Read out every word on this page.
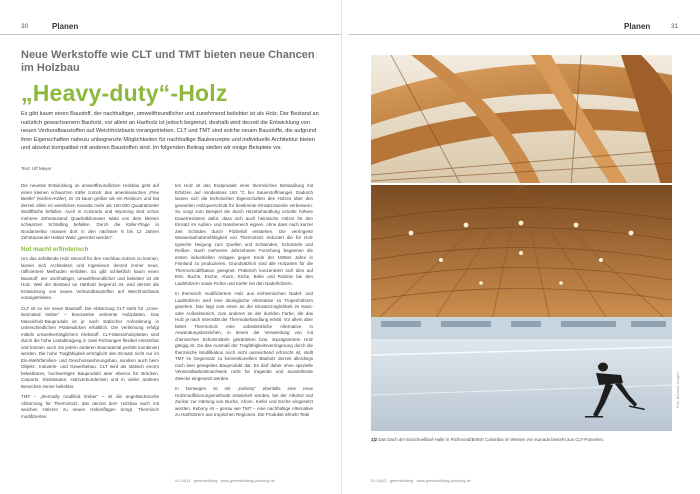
30	Planen
Neue Werkstoffe wie CLT und TMT bieten neue Chancen im Holzbau
„Heavy-duty“-Holz
Es gibt kaum einen Baustoff, der nachhaltiger, umweltfreundlicher und zunehmend beliebter ist als Holz. Der Bestand an natürlich gewachsenem Bauholz, vor allem an Hartholz ist jedoch begrenzt, deshalb wird derzeit die Entwicklung von neuen Verbundbaustoffen auf Weichholzbasis vorangetrieben. CLT und TMT sind solche neuen Baustoffe, die aufgrund ihrer Eigenschaften nahezu unbegrenzte Möglichkeiten für nachhaltige Baukonzepte und individuelle Architektur bieten und absolut kompatibel mit anderen Baustoffen sind. Im folgenden Beitrag stellen wir einige Beispiele vor.
Text: Ulf Meyer

Die neueste Entwicklung im umweltfreundlichen Holzbau geht auf einen kleinen schwarzen Käfer zurück: den amerikanischen „Pine Beetle“ (Kiefern-Käfer). Er ist kaum größer als ein Reiskorn und hat derzeit allein im westlichen Kanada mehr als 160.000 Quadratmeter Waldfläche befallen. Auch in Colorado und Wyoming sind schon mehrere Zehntausend Quadratkilometer Wald von dem kleinen schwarzen Schädling befallen. Durch die Käfer-Plage in Nordamerika müssen dort in den nächsten 8 bis 12 Jahren Zehntausende Hektar Wald „geerntet werden“.

Not macht erfinderisch

Um das anfallende Holz sinnvoll für den Hochbau nutzen zu können, lassen sich Architekten und Ingenieure derzeit immer neue, raffiniertere Methoden einfallen. Es gibt schließlich kaum einen Baustoff, der nachhaltiger, umweltfreundlicher und beliebter ist als Holz. Weil der Bestand an Hartholz begrenzt ist, wird derzeit die Entwicklung von neuen Verbundbaustoffen auf Weichholzbasis vorangetrieben.

CLT ist so ein neuer Baustoff. Die Abkürzung CLT steht für „cross-laminated timber“ – kreuzweise verleimte Holzplatten. Das Massivholz-Bauprodukt ist je nach statischer Anforderung in unterschiedlichen Plattendicken erhältlich. Die Verleimung erfolgt mittels umweltverträglichem Klebstoff. CLT-Massivholzplatten sind durch die hohe Lastabtragung in zwei Richtungen flexibel einsetzbar und können auch mit jedem anderen Baumaterial perfekt kombiniert werden. Die hohe Tragfähigkeit ermöglicht den Einsatz nicht nur im Ein-/Mehrfamilien- und Geschosswohnungsbau, sondern auch beim Objekt-, Industrie- und Gewerbebau. CLT wird als statisch enorm belastbares, hochwertiges Bauprodukt aber ebenso für Brücken, Carports, Kleinbauten, Holzverbundecken und in vielen anderen Bereichen immer beliebter.

TMT – „thermally modified timber“ – ist die angelsächsische Abkürzung für Thermoholz, das derzeit dem Holzbau auch mit weichen Hölzern zu neuen Höhenflügen bringt. Thermisch modifiziertes

tes Holz ist das Endprodukt einer thermischen Behandlung mit Erhitzen auf mindestens 160 °C bei Sauerstoffmangel. Dadurch lassen sich die technischen Eigenschaften des Holzes über den gesamten Holzquerschnitt für bestimmte Einsatzzwecke verbessern. So sorgt zum Beispiel die durch Hitzebehandlung erzielte höhere Dauerresistenz dafür, dass sich auch heimische Hölzer für den Einsatz im Außen- und Nassbereich eignen, ohne dass nach kurzer Zeit Schäden durch Pilzbefall entstehen. Die verringerte Wasseraufnahmefähigkeit von Thermoholz reduziert die für Holz typische Neigung zum Quellen und Schwinden, Schüsseln und Reißen. Nach mehreren Jahrzehnten Forschung begannen die ersten industriellen Anlagen gegen Ende der 1990er Jahre in Finnland zu produzieren. Grundsätzlich sind alle Holzarten für die Thermomodifikation geeignet. Praktisch konzentriert sich dies auf Erle, Buche, Esche, Ahorn, Eiche, Birke und Robinie bei den Laubhölzern sowie Fichte und Kiefer bei den Nadelhölzern.

In thermisch modifiziertem Holz aus einheimischen Nadel- und Laubhölzern wird eine ökologische Alternative zu Tropenhölzern gesehen. Das liegt zum einen an der Einsatzmöglichkeit im Nass- oder Außenbereich, zum anderen an der dunklen Farbe, die das Holz je nach Intensität der Thermobehandlung erhält. Vor allem aber bietet Thermoholz eine unbedenkliche Alternative in Anwendungsbereichen, in denen die Verwendung von mit chemischen Schutzmitteln getränktem bzw. imprägniertem Holz gängig ist. Da das Ausmaß der Tragfähigkeitsverringerung durch die thermische Modifikation noch nicht ausreichend erforscht ist, stellt TMT im Gegensatz zu konventionellem Bauholz derzeit allerdings noch kein geregeltes Bauprodukt dar. Es darf daher ohne spezielle Verwendbarkeitsnachweis nicht für tragende und aussteifende Zwecke eingesetzt werden.

In Norwegen ist mit „Kebony“ ebenfalls eine neue Holzmodifizierungsmethode entwickelt worden, bei der Alkohol und Zucker zur Härtung von Buche, Ahorn, Kiefer und Esche eingesetzt werden. Kebony ist – genau wie TMT – eine nachhaltige Alternative zu Harthölzern aus tropischen Regionen. Die Produkte ähneln Teak

01-04|13 · greenbuilding · www.greenbuilding-planning.de
Planen	31
Foto: Boehmer Images
1|2 Das Dach der Eisschnelllauf-Halle in Richmond/British Columbia im Westen von Kanada besteht aus CLT-Paneelen.
01-04|13 · greenbuilding · www.greenbuilding-planning.de
